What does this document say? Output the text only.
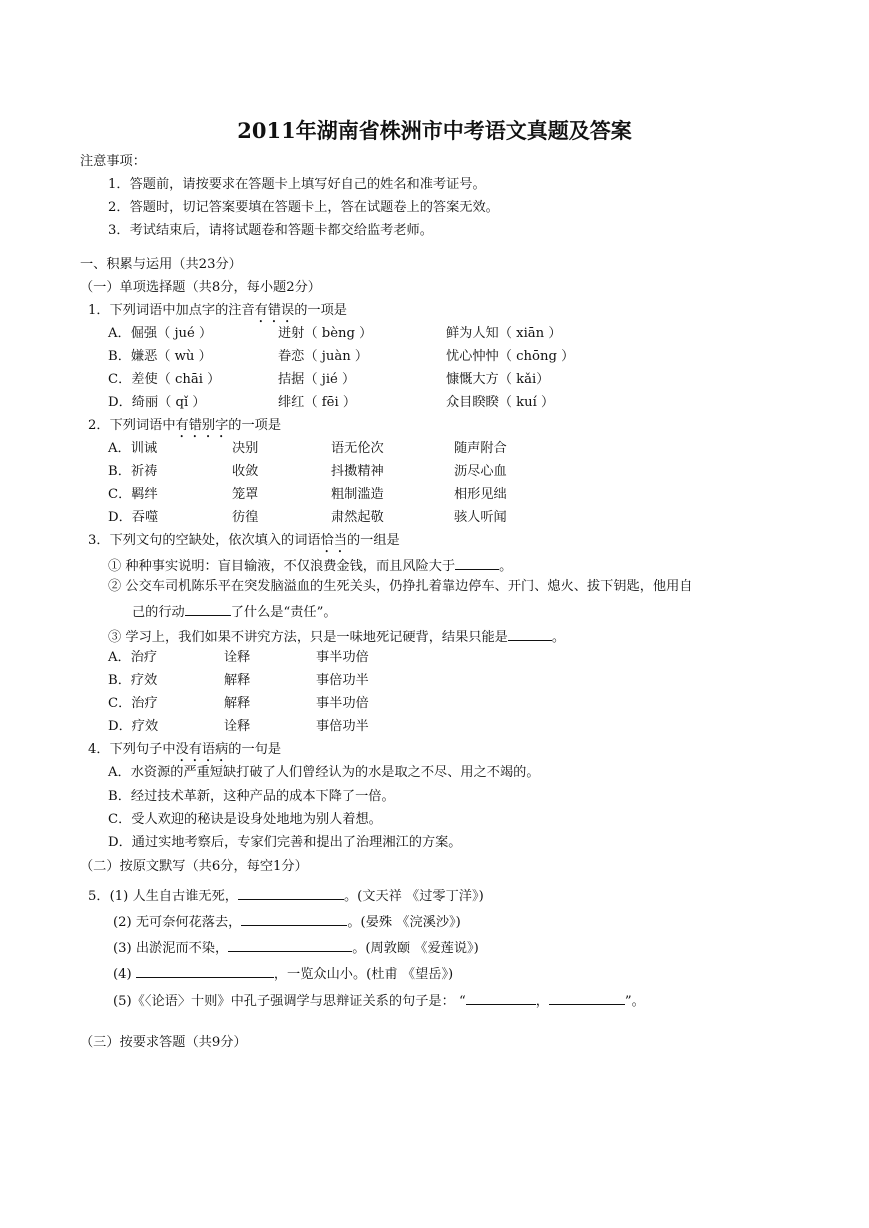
2011年湖南省株洲市中考语文真题及答案
注意事项：
1．答题前，请按要求在答题卡上填写好自己的姓名和准考证号。
2．答题时，切记答案要填在答题卡上，答在试题卷上的答案无效。
3．考试结束后，请将试题卷和答题卡都交给监考老师。
一、积累与运用（共23分）
（一）单项选择题（共8分，每小题2分）
1．下列词语中加点字的注音有错误的一项是
A．倔强（ jué ）	迸射（ bèng ）	鲜为人知（ xiān ）
B．嫌恶（ wù ）	眷恋（ juàn ）	忧心忡忡（ chōng ）
C．差使（ chāi ）	拮据（ jié ）	慷慨大方（ kǎi）
D．绮丽（ qǐ ）	绯红（ fēi ）	众目睽睽（ kuí ）
2．下列词语中有错别字的一项是
A．训诫	决别	语无伦次	随声附合
B．祈祷	收敛	抖擞精神	沥尽心血
C．羁绊	笼罩	粗制滥造	相形见绌
D．吞噬	彷徨	肃然起敬	骇人听闻
3．下列文句的空缺处，依次填入的词语恰当的一组是
① 种种事实说明：盲目输液，不仅浪费金钱，而且风险大于	。
② 公交车司机陈乐平在突发脑溢血的生死关头，仍挣扎着靠边停车、开门、熄火、拔下钥匙，他用自
己的行动	了什么是“责任”。
③ 学习上，我们如果不讲究方法，只是一味地死记硬背，结果只能是	。
A．治疗	诠释	事半功倍
B．疗效	解释	事倍功半
C．治疗	解释	事半功倍
D．疗效	诠释	事倍功半
4．下列句子中没有语病的一句是
A．水资源的严重短缺打破了人们曾经认为的水是取之不尽、用之不竭的。
B．经过技术革新，这种产品的成本下降了一倍。
C．受人欢迎的秘诀是设身处地地为别人着想。
D．通过实地考察后，专家们完善和提出了治理湘江的方案。
（二）按原文默写（共6分，每空1分）
5．(1) 人生自古谁无死，	。(文天祥 《过零丁洋》)
(2) 无可奈何花落去，	。(晏殊 《浣溪沙》)
(3) 出淤泥而不染，	。(周敦颐 《爱莲说》)
(4)	，一览众山小。(杜甫 《望岳》)
(5)《〈论语〉十则》中孔子强调学与思辩证关系的句子是： “	，	”。
（三）按要求答题（共9分）
